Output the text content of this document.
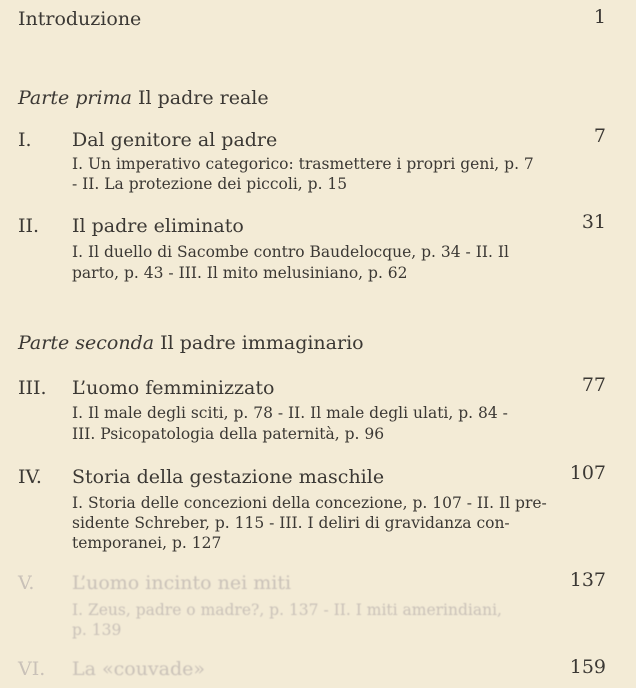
Introduzione	1
Parte prima Il padre reale
I. Dal genitore al padre	7
I. Un imperativo categorico: trasmettere i propri geni, p. 7
- II. La protezione dei piccoli, p. 15
II. Il padre eliminato	31
I. Il duello di Sacombe contro Baudelocque, p. 34 - II. Il
parto, p. 43 - III. Il mito melusiniano, p. 62
Parte seconda Il padre immaginario
III. L’uomo femminizzato	77
I. Il male degli sciti, p. 78 - II. Il male degli ulati, p. 84 -
III. Psicopatologia della paternità, p. 96
IV. Storia della gestazione maschile	107
I. Storia delle concezioni della concezione, p. 107 - II. Il pre-
sidente Schreber, p. 115 - III. I deliri di gravidanza con-
temporanei, p. 127
V. L’uomo incinto nei miti	137
I. Zeus, padre o madre?, p. 137 - II. I miti amerindiani,
p. 139
VI. La «couvade»	159
